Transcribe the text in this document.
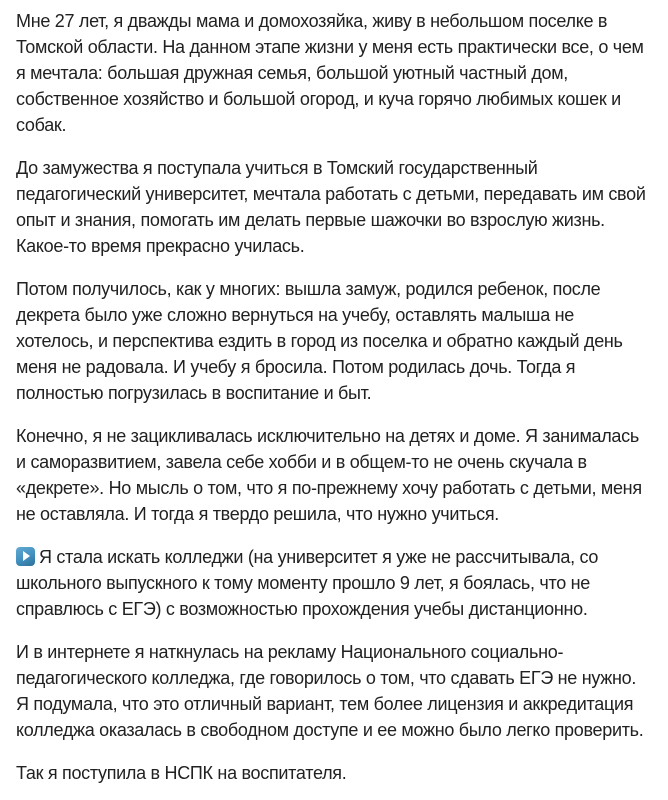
Мне 27 лет, я дважды мама и домохозяйка, живу в небольшом поселке в Томской области. На данном этапе жизни у меня есть практически все, о чем я мечтала: большая дружная семья, большой уютный частный дом, собственное хозяйство и большой огород, и куча горячо любимых кошек и собак.

До замужества я поступала учиться в Томский государственный педагогический университет, мечтала работать с детьми, передавать им свой опыт и знания, помогать им делать первые шажочки во взрослую жизнь. Какое-то время прекрасно училась.

Потом получилось, как у многих: вышла замуж, родился ребенок, после декрета было уже сложно вернуться на учебу, оставлять малыша не хотелось, и перспектива ездить в город из поселка и обратно каждый день меня не радовала. И учебу я бросила. Потом родилась дочь. Тогда я полностью погрузилась в воспитание и быт.

Конечно, я не зацикливалась исключительно на детях и доме. Я занималась и саморазвитием, завела себе хобби и в общем-то не очень скучала в «декрете». Но мысль о том, что я по-прежнему хочу работать с детьми, меня не оставляла. И тогда я твердо решила, что нужно учиться.

Я стала искать колледжи (на университет я уже не рассчитывала, со школьного выпускного к тому моменту прошло 9 лет, я боялась, что не справлюсь с ЕГЭ) с возможностью прохождения учебы дистанционно.

И в интернете я наткнулась на рекламу Национального социально-педагогического колледжа, где говорилось о том, что сдавать ЕГЭ не нужно. Я подумала, что это отличный вариант, тем более лицензия и аккредитация колледжа оказалась в свободном доступе и ее можно было легко проверить.

Так я поступила в НСПК на воспитателя.
